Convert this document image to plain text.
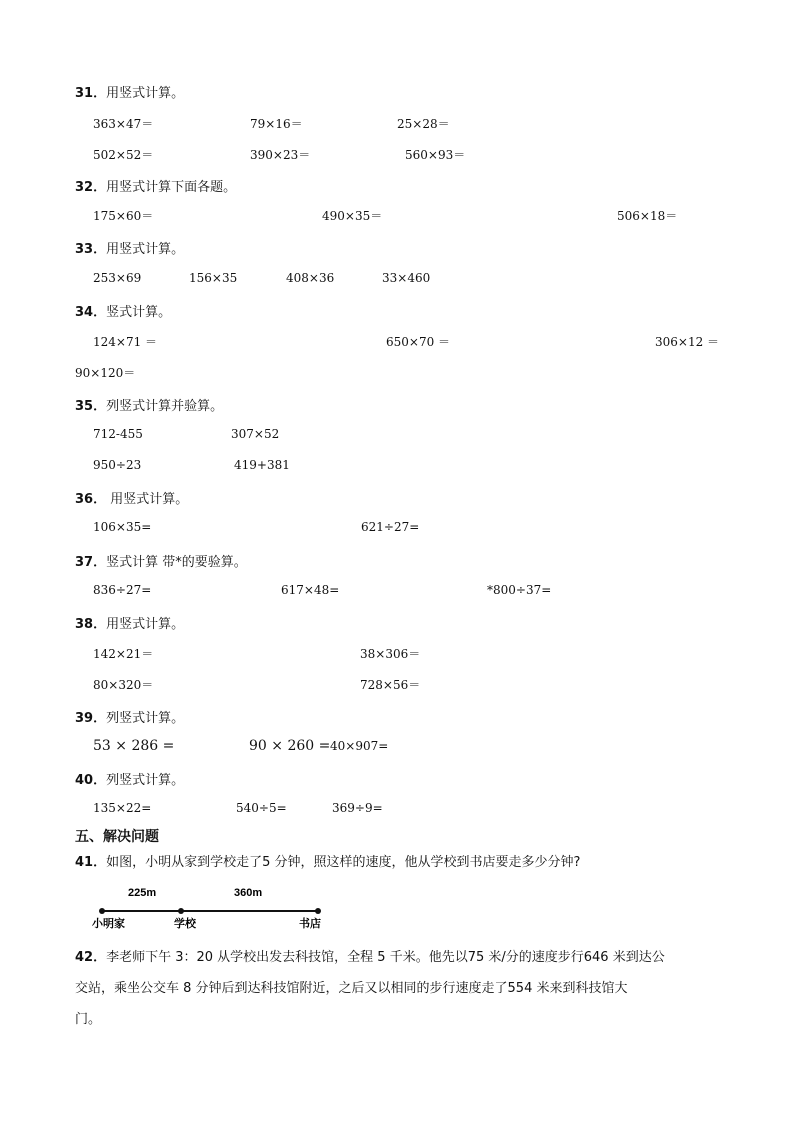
31．用竖式计算。
363×47＝	79×16＝	25×28＝
502×52＝	390×23＝	560×93＝
32．用竖式计算下面各题。
175×60＝	490×35＝	506×18＝
33．用竖式计算。
253×69	156×35	408×36	33×460
34．竖式计算。
124×71 ＝	650×70 ＝	306×12 ＝
90×120＝
35．列竖式计算并验算。
712-455	307×52
950÷23	419+381
36． 用竖式计算。
106×35=	621÷27=
37．竖式计算 带*的要验算。
836÷27=	617×48=	*800÷37=
38．用竖式计算。
142×21＝	38×306＝
80×320＝	728×56＝
39．列竖式计算。
53 × 286 =	90 × 260 = 40×907=
40．列竖式计算。
135×22=	540÷5=	369÷9=
五、解决问题
41．如图，小明从家到学校走了5 分钟，照这样的速度，他从学校到书店要走多少分钟?
225m	360m
小明家	学校	书店
42．李老师下午 3：20 从学校出发去科技馆，全程 5 千米。他先以75 米/分的速度步行646 米到达公
交站，乘坐公交车 8 分钟后到达科技馆附近，之后又以相同的步行速度走了554 米来到科技馆大
门。
